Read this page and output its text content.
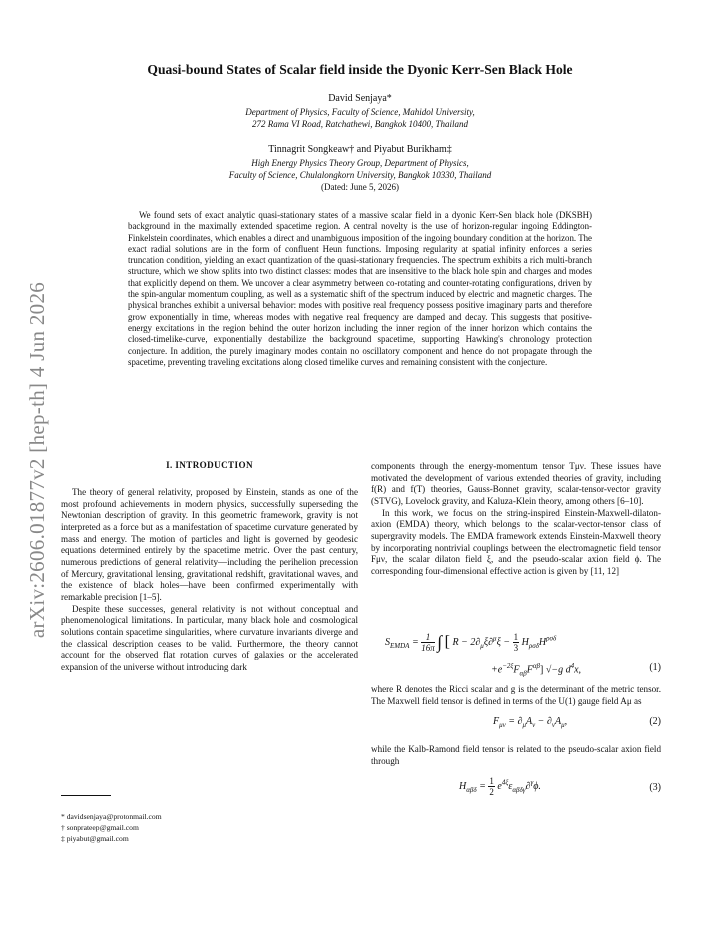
arXiv:2606.01877v2 [hep-th] 4 Jun 2026
Quasi-bound States of Scalar field inside the Dyonic Kerr-Sen Black Hole
David Senjaya*
Department of Physics, Faculty of Science, Mahidol University,
272 Rama VI Road, Ratchathewi, Bangkok 10400, Thailand
Tinnagrit Songkeaw† and Piyabut Burikham‡
High Energy Physics Theory Group, Department of Physics,
Faculty of Science, Chulalongkorn University, Bangkok 10330, Thailand
(Dated: June 5, 2026)
We found sets of exact analytic quasi-stationary states of a massive scalar field in a dyonic Kerr-Sen black hole (DKSBH) background in the maximally extended spacetime region. A central novelty is the use of horizon-regular ingoing Eddington-Finkelstein coordinates, which enables a direct and unambiguous imposition of the ingoing boundary condition at the horizon. The exact radial solutions are in the form of confluent Heun functions. Imposing regularity at spatial infinity enforces a series truncation condition, yielding an exact quantization of the quasi-stationary frequencies. The spectrum exhibits a rich multi-branch structure, which we show splits into two distinct classes: modes that are insensitive to the black hole spin and charges and modes that explicitly depend on them. We uncover a clear asymmetry between co-rotating and counter-rotating configurations, driven by the spin-angular momentum coupling, as well as a systematic shift of the spectrum induced by electric and magnetic charges. The physical branches exhibit a universal behavior: modes with positive real frequency possess positive imaginary parts and therefore grow exponentially in time, whereas modes with negative real frequency are damped and decay. This suggests that positive-energy excitations in the region behind the outer horizon including the inner region of the inner horizon which contains the closed-timelike-curve, exponentially destabilize the background spacetime, supporting Hawking's chronology protection conjecture. In addition, the purely imaginary modes contain no oscillatory component and hence do not propagate through the spacetime, preventing traveling excitations along closed timelike curves and remaining consistent with the conjecture.
I. INTRODUCTION

The theory of general relativity, proposed by Einstein, stands as one of the most profound achievements in modern physics, successfully superseding the Newtonian description of gravity. In this geometric framework, gravity is not interpreted as a force but as a manifestation of spacetime curvature generated by mass and energy. The motion of particles and light is governed by geodesic equations determined entirely by the spacetime metric. Over the past century, numerous predictions of general relativity—including the perihelion precession of Mercury, gravitational lensing, gravitational redshift, gravitational waves, and the existence of black holes—have been confirmed experimentally with remarkable precision [1–5].

Despite these successes, general relativity is not without conceptual and phenomenological limitations. In particular, many black hole and cosmological solutions contain spacetime singularities, where curvature invariants diverge and the classical description ceases to be valid. Furthermore, the theory cannot account for the observed flat rotation curves of galaxies or the accelerated expansion of the universe without introducing dark

* davidsenjaya@protonmail.com
† sonprateep@gmail.com
‡ piyabut@gmail.com

components through the energy-momentum tensor Tμν. These issues have motivated the development of various extended theories of gravity, including f(R) and f(T) theories, Gauss-Bonnet gravity, scalar-tensor-vector gravity (STVG), Lovelock gravity, and Kaluza-Klein theory, among others [6–10].

In this work, we focus on the string-inspired Einstein-Maxwell-dilaton-axion (EMDA) theory, which belongs to the scalar-vector-tensor class of supergravity models. The EMDA framework extends Einstein-Maxwell theory by incorporating nontrivial couplings between the electromagnetic field tensor Fμν, the scalar dilaton field ξ, and the pseudo-scalar axion field ϕ. The corresponding four-dimensional effective action is given by [11, 12]

$S_{EMDA} = \frac{1}{16\pi}$ ∫ [ $R - 2\partial_\mu\xi\partial^\mu\xi - \frac{1}{3} H_{\rho\sigma\delta}H^{\rho\sigma\delta}$
$+e^{-2\xi}F_{\alpha\beta}F^{\alpha\beta}$] √−g $d^4x$,	(1)
where R denotes the Ricci scalar and g is the determinant of the metric tensor. The Maxwell field tensor is defined in terms of the U(1) gauge field Aμ as
$F_{\mu\nu} = \partial_\mu A_\nu - \partial_\nu A_\mu$,	(2)
while the Kalb-Ramond field tensor is related to the pseudo-scalar axion field through
$H_{\alpha\beta\delta} = \frac{1}{2} e^{4\xi}\varepsilon_{\alpha\beta\delta\gamma}\partial^\gamma\phi$.	(3)
